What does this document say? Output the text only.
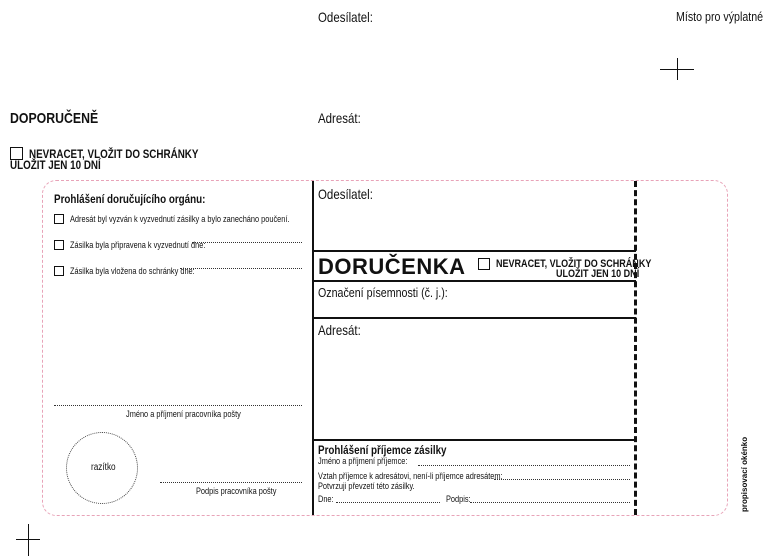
Odesílatel:	Místo pro výplatné
DOPORUČENĚ	Adresát:
NEVRACET, VLOŽIT DO SCHRÁNKY
ULOŽIT JEN 10 DNÍ
Prohlášení doručujícího orgánu:
Adresát byl vyzván k vyzvednutí zásilky a bylo zanecháno poučení.
Zásilka byla připravena k vyzvednutí dne:
Zásilka byla vložena do schránky dne:
Jméno a příjmení pracovníka pošty
razítko
Podpis pracovníka pošty
Odesílatel:
DORUČENKA	NEVRACET, VLOŽIT DO SCHRÁNKY
ULOŽIT JEN 10 DNÍ
Označení písemnosti (č. j.):
Adresát:
Prohlášení příjemce zásilky
Jméno a příjmení příjemce:
Vztah příjemce k adresátovi, není-li příjemce adresátem:
Potvrzuji převzetí této zásilky.
Dne:	Podpis:	propisovací okénko
